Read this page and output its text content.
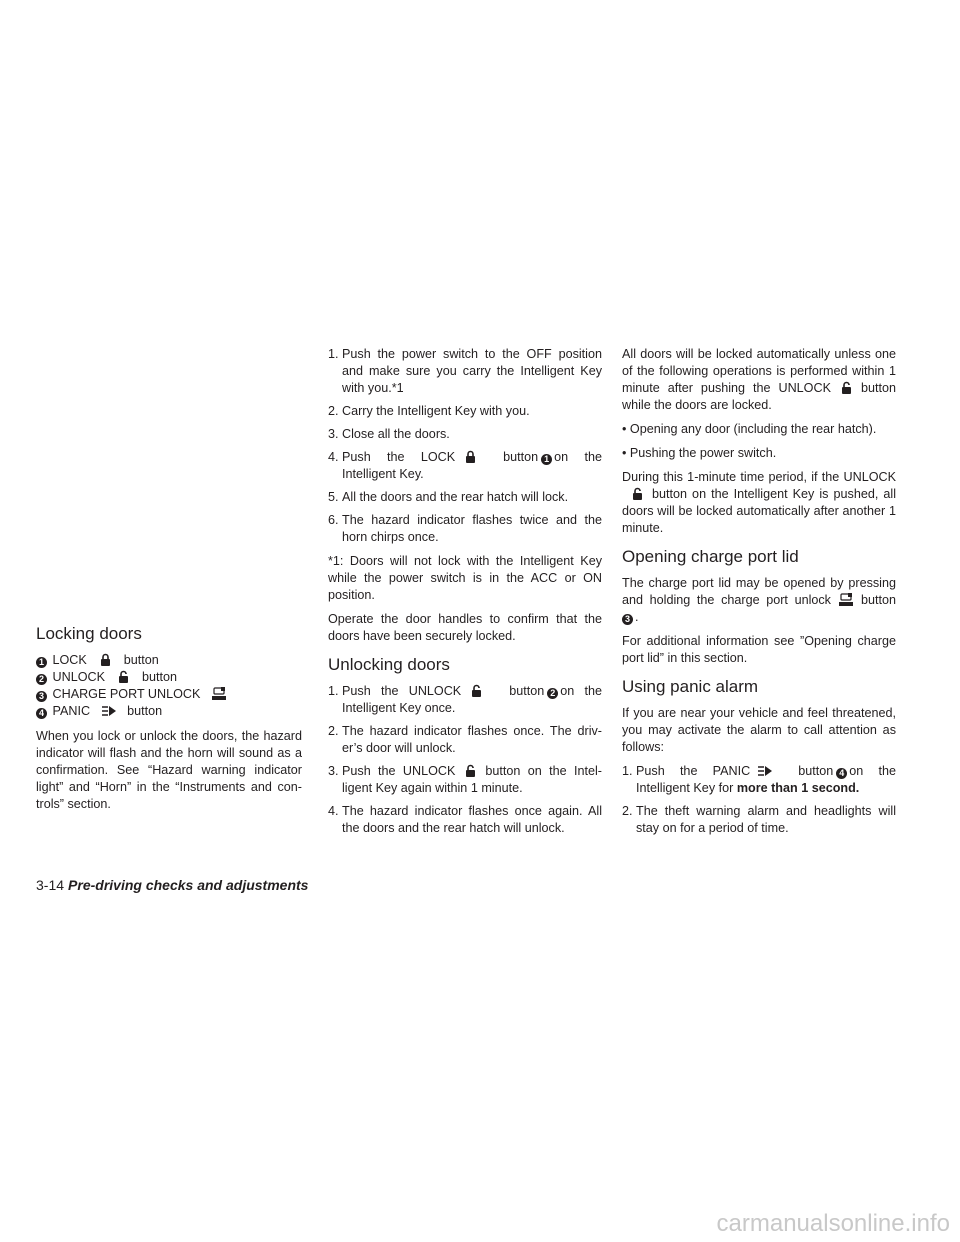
Locking doors
1 LOCK	button
2 UNLOCK	button
3 CHARGE PORT UNLOCK
4 PANIC	button

When you lock or unlock the doors, the hazard indicator will flash and the horn will sound as a confirmation. See “Hazard warning indicator light” and “Horn” in the “Instruments and con-trols” section.

1. Push the power switch to the OFF position and make sure you carry the Intelligent Key with you.*1
2. Carry the Intelligent Key with you.
3. Close all the doors.
4. Push the LOCK	button 1 on the Intelligent Key.
5. All the doors and the rear hatch will lock.
6. The hazard indicator flashes twice and the horn chirps once.

*1: Doors will not lock with the Intelligent Key while the power switch is in the ACC or ON position.

Operate the door handles to confirm that the doors have been securely locked.

Unlocking doors
1. Push the UNLOCK	button 2 on the Intelligent Key once.
2. The hazard indicator flashes once. The driv-er’s door will unlock.
3. Push the UNLOCK button on the Intel-ligent Key again within 1 minute.
4. The hazard indicator flashes once again. All the doors and the rear hatch will unlock.

All doors will be locked automatically unless one of the following operations is performed within 1 minute after pushing the UNLOCK button while the doors are locked.

• Opening any door (including the rear hatch).

• Pushing the power switch.

During this 1-minute time period, if the UNLOCK
button on the Intelligent Key is pushed, all doors will be locked automatically after another 1 minute.

Opening charge port lid

The charge port lid may be opened by pressing and holding the charge port unlock button 3 .

For additional information see ”Opening charge port lid” in this section.

Using panic alarm

If you are near your vehicle and feel threatened, you may activate the alarm to call attention as follows:

1. Push the PANIC	button 4 on the Intelligent Key for more than 1 second.
2. The theft warning alarm and headlights will stay on for a period of time.
3-14 Pre-driving checks and adjustments
carmanualsonline.info
